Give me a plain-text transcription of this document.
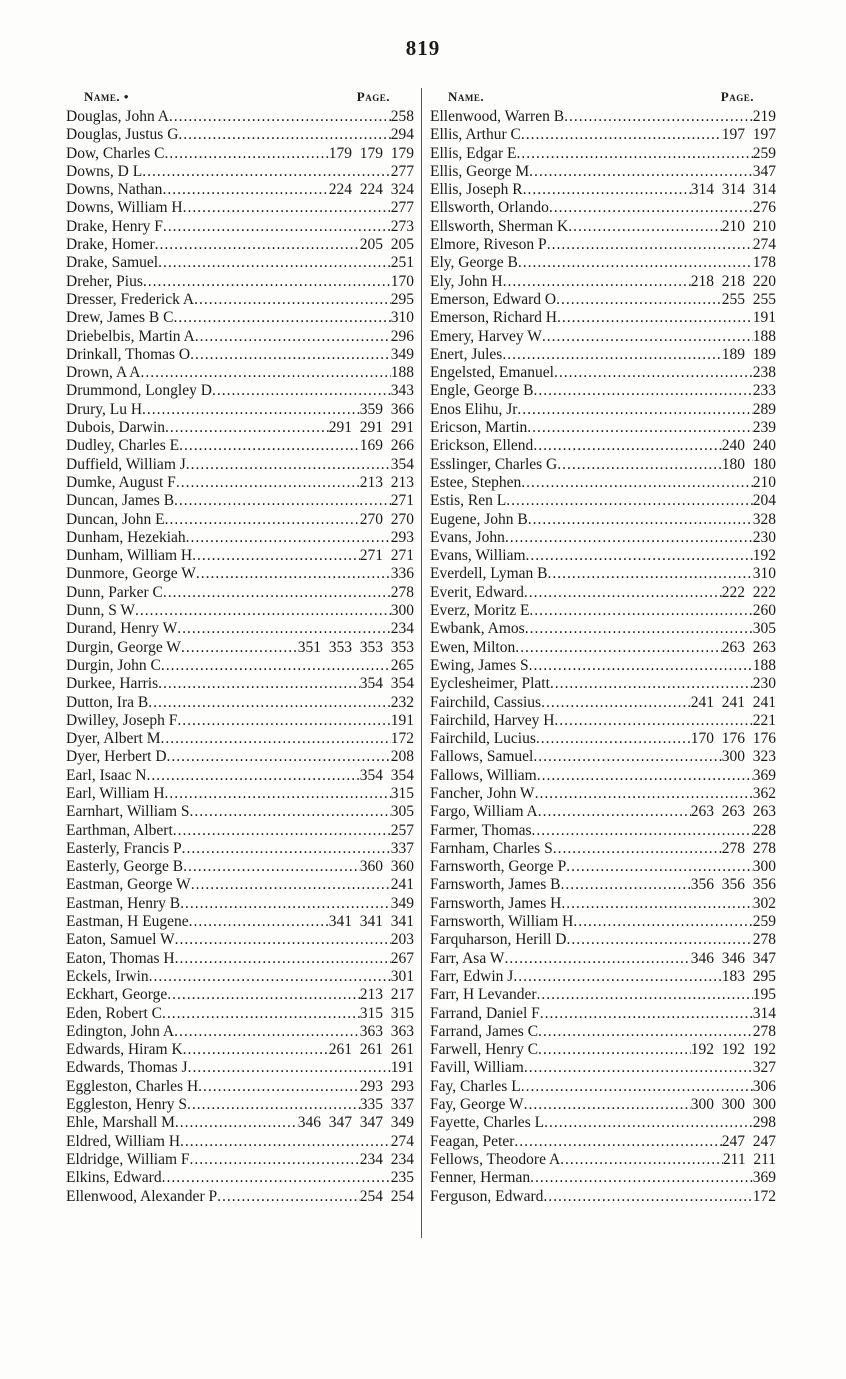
819
Name. •	Page.
Douglas, John A .....	258
Douglas, Justus G .....	294
Dow, Charles C .....	179  179  179
Downs, D L .....	277
Downs, Nathan .....	224  224  324
Downs, William H .....	277
Drake, Henry F .....	273
Drake, Homer .....	205  205
Drake, Samuel .....	251
Dreher, Pius .....	170
Dresser, Frederick A .....	295
Drew, James B C .....	310
Driebelbis, Martin A .....	296
Drinkall, Thomas O .....	349
Drown, A A .....	188
Drummond, Longley D .....	343
Drury, Lu H .....	359  366
Dubois, Darwin .....	291  291  291
Dudley, Charles E .....	169  266
Duffield, William J .....	354
Dumke, August F .....	213  213
Duncan, James B .....	271
Duncan, John E .....	270  270
Dunham, Hezekiah .....	293
Dunham, William H .....	271  271
Dunmore, George W .....	336
Dunn, Parker C .....	278
Dunn, S W .....	300
Durand, Henry W .....	234
Durgin, George W .....	351  353  353  353
Durgin, John C .....	265
Durkee, Harris .....	354  354
Dutton, Ira B .....	232
Dwilley, Joseph F .....	191
Dyer, Albert M .....	172
Dyer, Herbert D .....	208
Earl, Isaac N .....	354  354
Earl, William H .....	315
Earnhart, William S .....	305
Earthman, Albert .....	257
Easterly, Francis P .....	337
Easterly, George B .....	360  360
Eastman, George W .....	241
Eastman, Henry B .....	349
Eastman, H Eugene .....	341  341  341
Eaton, Samuel W .....	203
Eaton, Thomas H .....	267
Eckels, Irwin .....	301
Eckhart, George .....	213  217
Eden, Robert C .....	315  315
Edington, John A .....	363  363
Edwards, Hiram K .....	261  261  261
Edwards, Thomas J .....	191
Eggleston, Charles H .....	293  293
Eggleston, Henry S .....	335  337
Ehle, Marshall M .....	346  347  347  349
Eldred, William H .....	274
Eldridge, William F .....	234  234
Elkins, Edward .....	235
Ellenwood, Alexander P .....	254  254
Name.	Page.
Ellenwood, Warren B .....	219
Ellis, Arthur C .....	197  197
Ellis, Edgar E .....	259
Ellis, George M .....	347
Ellis, Joseph R .....	314  314  314
Ellsworth, Orlando .....	276
Ellsworth, Sherman K .....	210  210
Elmore, Riveson P .....	274
Ely, George B .....	178
Ely, John H .....	218  218  220
Emerson, Edward O .....	255  255
Emerson, Richard H .....	191
Emery, Harvey W .....	188
Enert, Jules .....	189  189
Engelsted, Emanuel .....	238
Engle, George B .....	233
Enos Elihu, Jr .....	289
Ericson, Martin .....	239
Erickson, Ellend .....	240  240
Esslinger, Charles G .....	180  180
Estee, Stephen .....	210
Estis, Ren L .....	204
Eugene, John B .....	328
Evans, John .....	230
Evans, William .....	192
Everdell, Lyman B .....	310
Everit, Edward .....	222  222
Everz, Moritz E .....	260
Ewbank, Amos .....	305
Ewen, Milton .....	263  263
Ewing, James S .....	188
Eyclesheimer, Platt .....	230
Fairchild, Cassius .....	241  241  241
Fairchild, Harvey H .....	221
Fairchild, Lucius .....	170  176  176
Fallows, Samuel .....	300  323
Fallows, William .....	369
Fancher, John W .....	362
Fargo, William A .....	263  263  263
Farmer, Thomas .....	228
Farnham, Charles S .....	278  278
Farnsworth, George P .....	300
Farnsworth, James B .....	356  356  356
Farnsworth, James H .....	302
Farnsworth, William H .....	259
Farquharson, Herill D .....	278
Farr, Asa W .....	346  346  347
Farr, Edwin J .....	183  295
Farr, H Levander .....	195
Farrand, Daniel F .....	314
Farrand, James C .....	278
Farwell, Henry C .....	192  192  192
Favill, William .....	327
Fay, Charles L .....	306
Fay, George W .....	300  300  300
Fayette, Charles L .....	298
Feagan, Peter .....	247  247
Fellows, Theodore A .....	211  211
Fenner, Herman .....	369
Ferguson, Edward .....	172
